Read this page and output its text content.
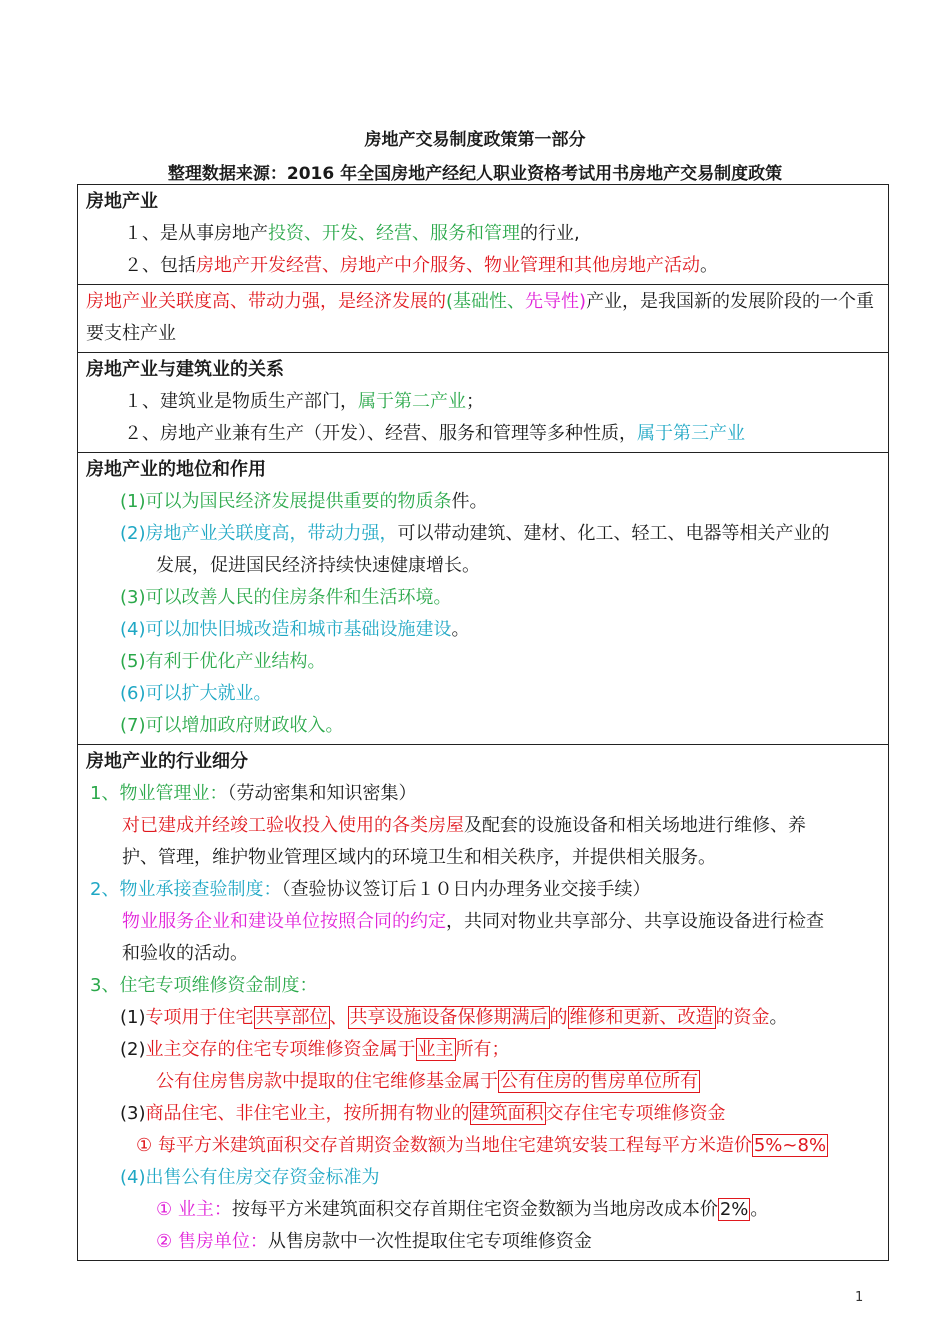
房地产交易制度政策第一部分
整理数据来源：2016 年全国房地产经纪人职业资格考试用书房地产交易制度政策
房地产业
１、是从事房地产投资、开发、经营、服务和管理的行业,
２、包括房地产开发经营、房地产中介服务、物业管理和其他房地产活动。

房地产业关联度高、带动力强，是经济发展的(基础性、先导性)产业，是我国新的发展阶段的一个重要支柱产业

房地产业与建筑业的关系
１、建筑业是物质生产部门，属于第二产业；
２、房地产业兼有生产（开发）、经营、服务和管理等多种性质，属于第三产业

房地产业的地位和作用
(1)可以为国民经济发展提供重要的物质条件。
(2)房地产业关联度高，带动力强，可以带动建筑、建材、化工、轻工、电器等相关产业的
发展，促进国民经济持续快速健康增长。
(3)可以改善人民的住房条件和生活环境。
(4)可以加快旧城改造和城市基础设施建设。
(5)有利于优化产业结构。
(6)可以扩大就业。
(7)可以增加政府财政收入。

房地产业的行业细分
1、物业管理业：（劳动密集和知识密集）
对已建成并经竣工验收投入使用的各类房屋及配套的设施设备和相关场地进行维修、养
护、管理，维护物业管理区域内的环境卫生和相关秩序，并提供相关服务。
2、物业承接查验制度：（查验协议签订后１０日内办理务业交接手续）
物业服务企业和建设单位按照合同的约定，共同对物业共享部分、共享设施设备进行检查
和验收的活动。
3、住宅专项维修资金制度：
(1)专项用于住宅 共享部位 、 共享设施设备保修期满后 的 维修和更新、改造 的资金。
(2)业主交存的住宅专项维修资金属于 业主 所有；
公有住房售房款中提取的住宅维修基金属于 公有住房的售房单位所有
(3)商品住宅、非住宅业主，按所拥有物业的 建筑面积 交存住宅专项维修资金
① 每平方米建筑面积交存首期资金数额为当地住宅建筑安装工程每平方米造价 5%~8%
(4)出售公有住房交存资金标准为
① 业主：按每平方米建筑面积交存首期住宅资金数额为当地房改成本价 2% 。
② 售房单位：从售房款中一次性提取住宅专项维修资金
1
